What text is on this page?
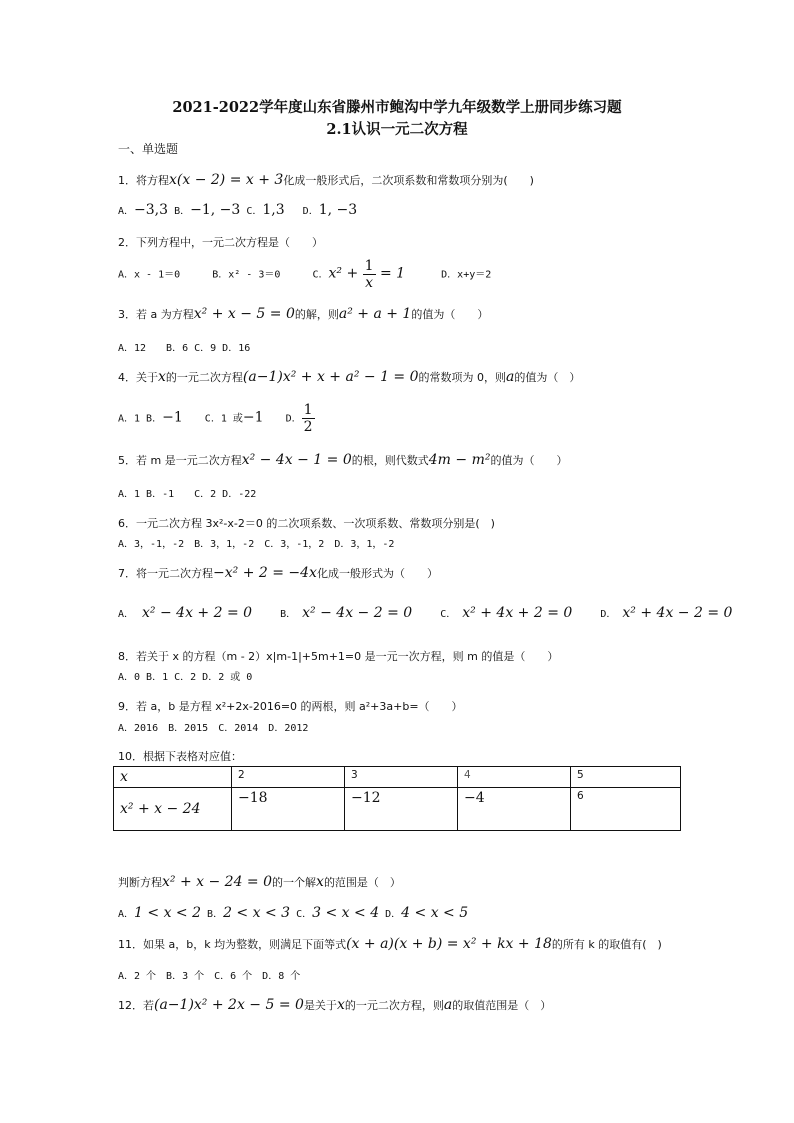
2021-2022学年度山东省滕州市鲍沟中学九年级数学上册同步练习题
2.1认识一元二次方程
一、单选题
1．将方程x(x − 2) = x + 3化成一般形式后，二次项系数和常数项分别为(　　)
A．−3,3 B．−1, −3 C．1,3 D．1, −3
2．下列方程中，一元二次方程是（　　）
A．x - 1＝0	B．x² - 3＝0	C．$x^2 + \frac{1}{x} = 1$	D．x+y＝2
3．若 a 为方程x² + x − 5 = 0的解，则a² + a + 1的值为（　　）
A．12　　B．6 C．9 D．16
4．关于x的一元二次方程(a−1)x² + x + a² − 1 = 0的常数项为 0，则a的值为（　）
A．1 B．−1 C．1 或−1 D． $\frac{1}{2}$
5．若 m 是一元二次方程x² − 4x − 1 = 0的根，则代数式4m − m²的值为（　　）
A．1 B．-1　　C．2 D．-22
6．一元二次方程 3x²-x-2＝0 的二次项系数、一次项系数、常数项分别是(　)
A．3，-1，-2　B．3，1，-2　C．3，-1，2　D．3，1，-2
7．将一元二次方程−x² + 2 = −4x化成一般形式为（　　）
A． x² − 4x + 2 = 0	B． x² − 4x − 2 = 0	C． x² + 4x + 2 = 0	D． x² + 4x − 2 = 0
8．若关于 x 的方程（m - 2）x|m-1|+5m+1=0 是一元一次方程，则 m 的值是（　　）
A．0 B．1 C．2 D．2 或 0
9．若 a，b 是方程 x²+2x-2016=0 的两根，则 a²+3a+b=（　　）
A．2016　B．2015　C．2014　D．2012
10．根据下表格对应值：
x	2	3	4	5
x² + x − 24	−18	−12	−4	6
判断方程x² + x − 24 = 0的一个解x的范围是（　）
A．1 < x < 2 B．2 < x < 3 C．3 < x < 4 D．4 < x < 5
11．如果 a，b，k 均为整数，则满足下面等式(x + a)(x + b) = x² + kx + 18的所有 k 的取值有(　)
A．2 个　B．3 个　C．6 个　D．8 个
12．若(a−1)x² + 2x − 5 = 0是关于x的一元二次方程，则a的取值范围是（　）
